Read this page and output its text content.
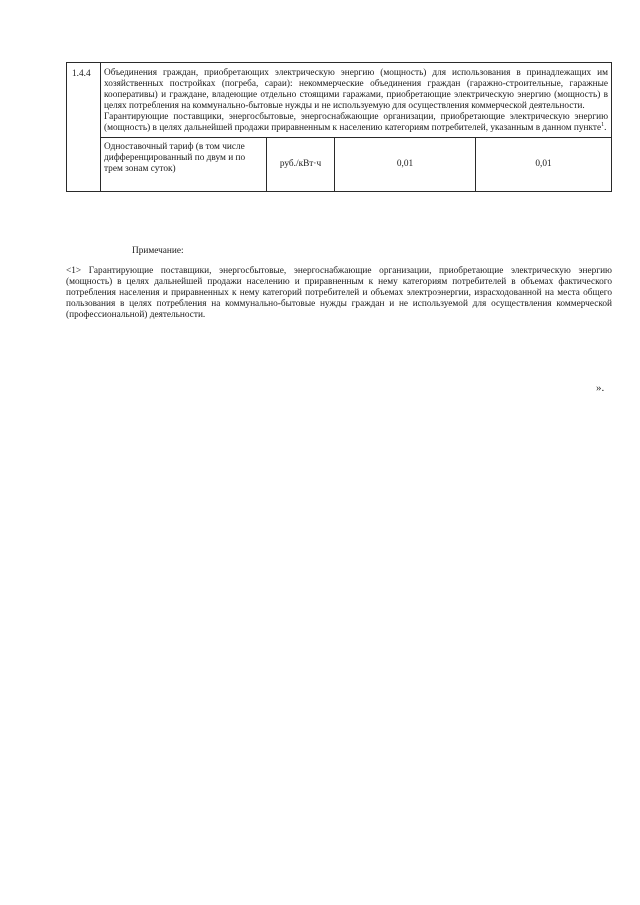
1.4.4	Объединения граждан, приобретающих электрическую энергию (мощность) для использования в принадлежащих им хозяйственных постройках (погреба, сараи): некоммерческие объединения граждан (гаражно-строительные, гаражные кооперативы) и граждане, владеющие отдельно стоящими гаражами, приобретающие электрическую энергию (мощность) в целях потребления на коммунально-бытовые нужды и не используемую для осуществления коммерческой деятельности.

Гарантирующие поставщики, энергосбытовые, энергоснабжающие организации, приобретающие электрическую энергию (мощность) в целях дальнейшей продажи приравненным к населению категориям потребителей, указанным в данном пункте$^1$.			

	Одноставочный тариф (в том числе дифференцированный по двум и по трем зонам суток)	руб./кВт·ч	0,01	0,01

Примечание:

<1> Гарантирующие поставщики, энергосбытовые, энергоснабжающие организации, приобретающие электрическую энергию (мощность) в целях дальнейшей продажи населению и приравненным к нему категориям потребителей в объемах фактического потребления населения и приравненных к нему категорий потребителей и объемах электроэнергии, израсходованной на места общего пользования в целях потребления на коммунально-бытовые нужды граждан и не используемой для осуществления коммерческой (профессиональной) деятельности.

».
